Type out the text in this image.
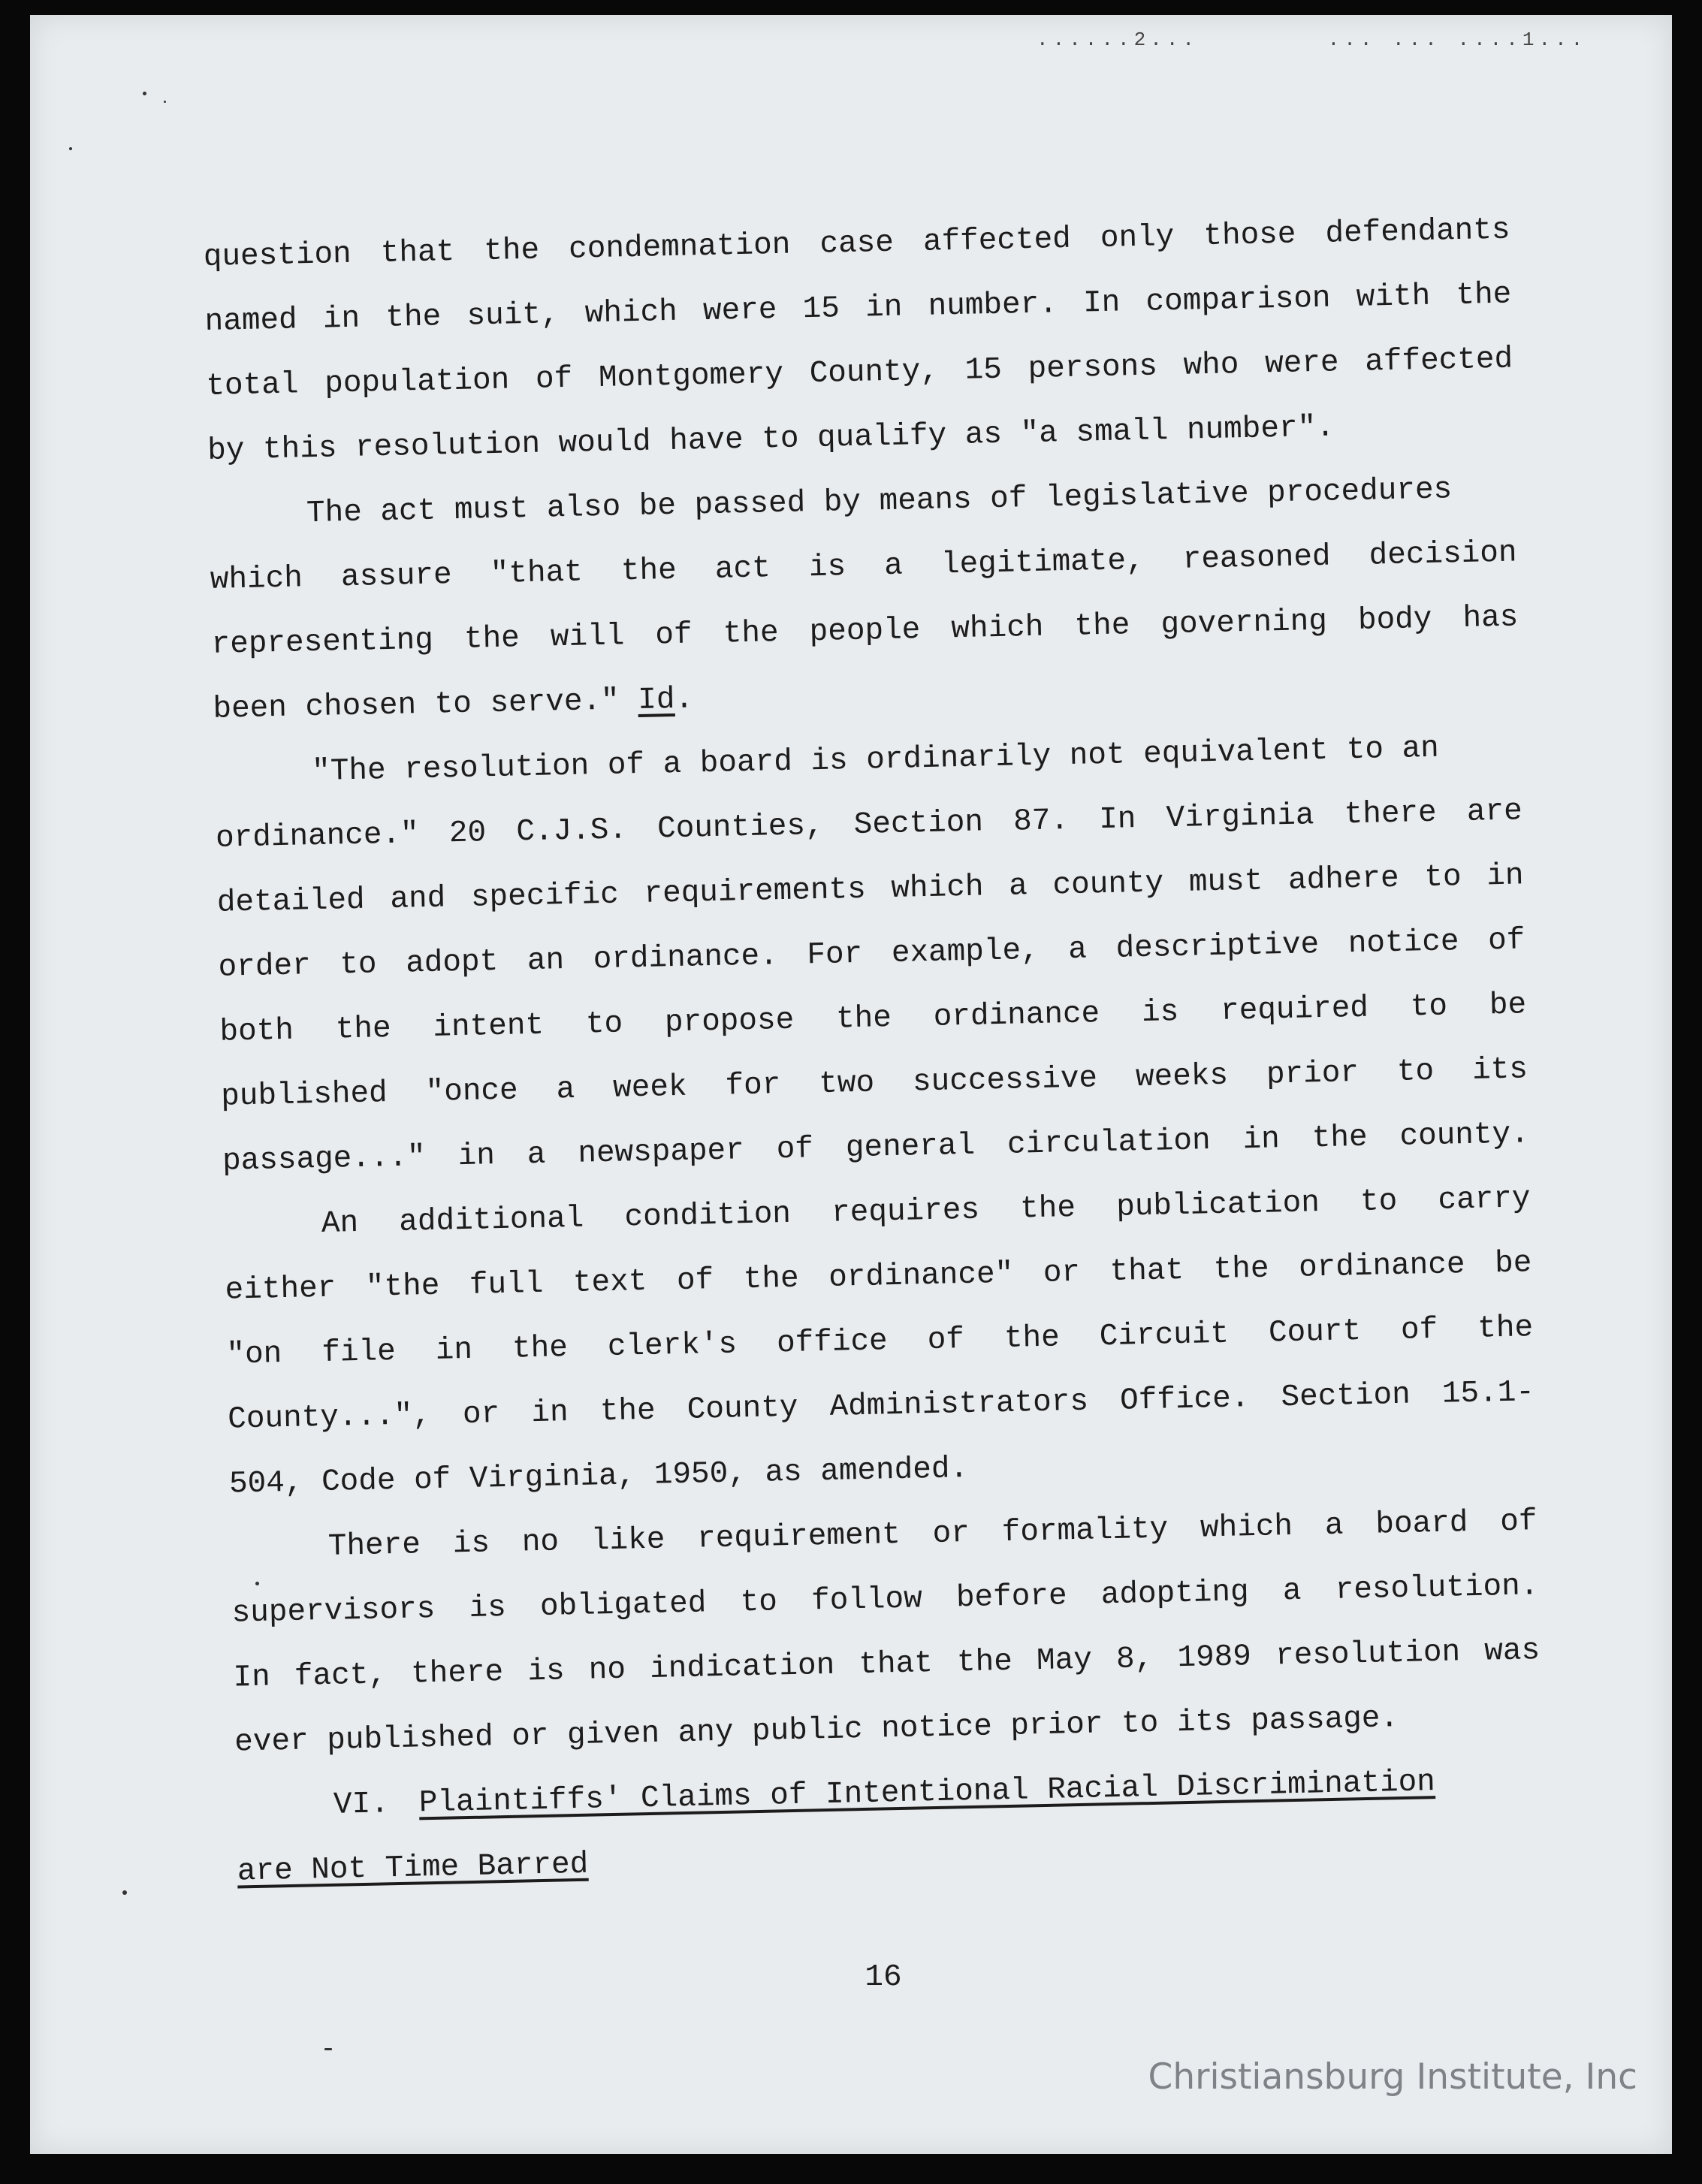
......2...	... ... ....1...
question that the condemnation case affected only those defendants
named in the suit, which were 15 in number. In comparison with the
total population of Montgomery County, 15 persons who were affected
by this resolution would have to qualify as "a small number".
The act must also be passed by means of legislative procedures
which assure "that the act is a legitimate, reasoned decision
representing the will of the people which the governing body has
been chosen to serve." Id.
"The resolution of a board is ordinarily not equivalent to an
ordinance." 20 C.J.S. Counties, Section 87. In Virginia there are
detailed and specific requirements which a county must adhere to in
order to adopt an ordinance. For example, a descriptive notice of
both the intent to propose the ordinance is required to be
published "once a week for two successive weeks prior to its
passage..." in a newspaper of general circulation in the county.
An additional condition requires the publication to carry
either "the full text of the ordinance" or that the ordinance be
"on file in the clerk's office of the Circuit Court of the
County...", or in the County Administrators Office. Section 15.1-
504, Code of Virginia, 1950, as amended.
There is no like requirement or formality which a board of
supervisors is obligated to follow before adopting a resolution.
In fact, there is no indication that the May 8, 1989 resolution was
ever published or given any public notice prior to its passage.
VI. Plaintiffs' Claims of Intentional Racial Discrimination
are Not Time Barred
16
Christiansburg Institute, Inc
